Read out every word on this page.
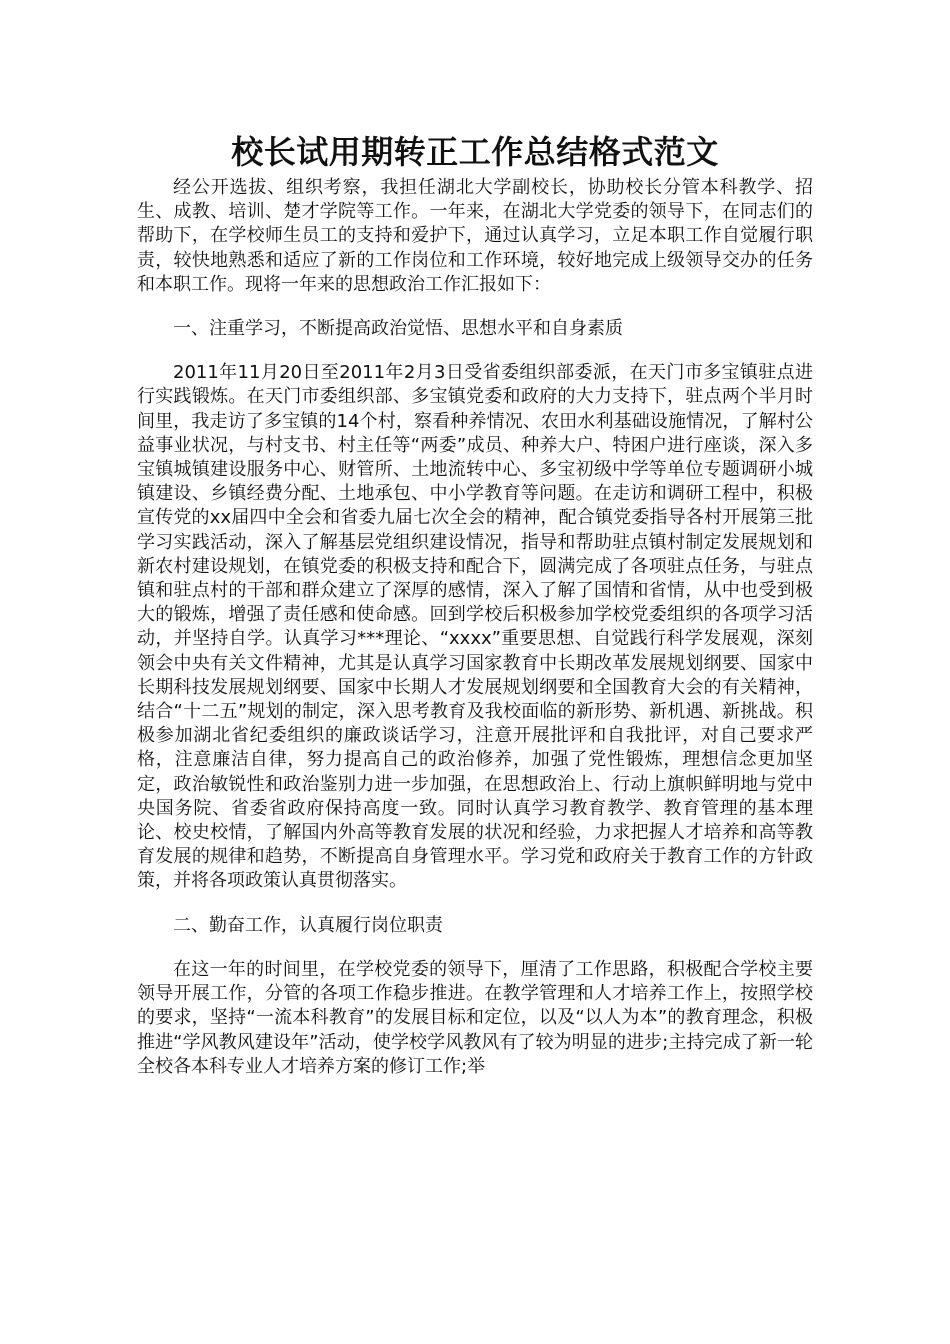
校长试用期转正工作总结格式范文

经公开选拔、组织考察，我担任湖北大学副校长，协助校长分管本科教学、招生、成教、培训、楚才学院等工作。一年来，在湖北大学党委的领导下，在同志们的帮助下，在学校师生员工的支持和爱护下，通过认真学习，立足本职工作自觉履行职责，较快地熟悉和适应了新的工作岗位和工作环境，较好地完成上级领导交办的任务和本职工作。现将一年来的思想政治工作汇报如下：

一、注重学习，不断提高政治觉悟、思想水平和自身素质

2011年11月20日至2011年2月3日受省委组织部委派，在天门市多宝镇驻点进行实践锻炼。在天门市委组织部、多宝镇党委和政府的大力支持下，驻点两个半月时间里，我走访了多宝镇的14个村，察看种养情况、农田水利基础设施情况，了解村公益事业状况，与村支书、村主任等“两委”成员、种养大户、特困户进行座谈，深入多宝镇城镇建设服务中心、财管所、土地流转中心、多宝初级中学等单位专题调研小城镇建设、乡镇经费分配、土地承包、中小学教育等问题。在走访和调研工程中，积极宣传党的xx届四中全会和省委九届七次全会的精神，配合镇党委指导各村开展第三批学习实践活动，深入了解基层党组织建设情况，指导和帮助驻点镇村制定发展规划和新农村建设规划，在镇党委的积极支持和配合下，圆满完成了各项驻点任务，与驻点镇和驻点村的干部和群众建立了深厚的感情，深入了解了国情和省情，从中也受到极大的锻炼，增强了责任感和使命感。回到学校后积极参加学校党委组织的各项学习活动，并坚持自学。认真学习***理论、“xxxx”重要思想、自觉践行科学发展观，深刻领会中央有关文件精神，尤其是认真学习国家教育中长期改革发展规划纲要、国家中长期科技发展规划纲要、国家中长期人才发展规划纲要和全国教育大会的有关精神，结合“十二五”规划的制定，深入思考教育及我校面临的新形势、新机遇、新挑战。积极参加湖北省纪委组织的廉政谈话学习，注意开展批评和自我批评，对自己要求严格，注意廉洁自律，努力提高自己的政治修养，加强了党性锻炼，理想信念更加坚定，政治敏锐性和政治鉴别力进一步加强，在思想政治上、行动上旗帜鲜明地与党中央国务院、省委省政府保持高度一致。同时认真学习教育教学、教育管理的基本理论、校史校情，了解国内外高等教育发展的状况和经验，力求把握人才培养和高等教育发展的规律和趋势，不断提高自身管理水平。学习党和政府关于教育工作的方针政策，并将各项政策认真贯彻落实。

二、勤奋工作，认真履行岗位职责

在这一年的时间里，在学校党委的领导下，厘清了工作思路，积极配合学校主要领导开展工作，分管的各项工作稳步推进。在教学管理和人才培养工作上，按照学校的要求，坚持“一流本科教育”的发展目标和定位，以及“以人为本”的教育理念，积极推进“学风教风建设年”活动，使学校学风教风有了较为明显的进步;主持完成了新一轮全校各本科专业人才培养方案的修订工作;举
